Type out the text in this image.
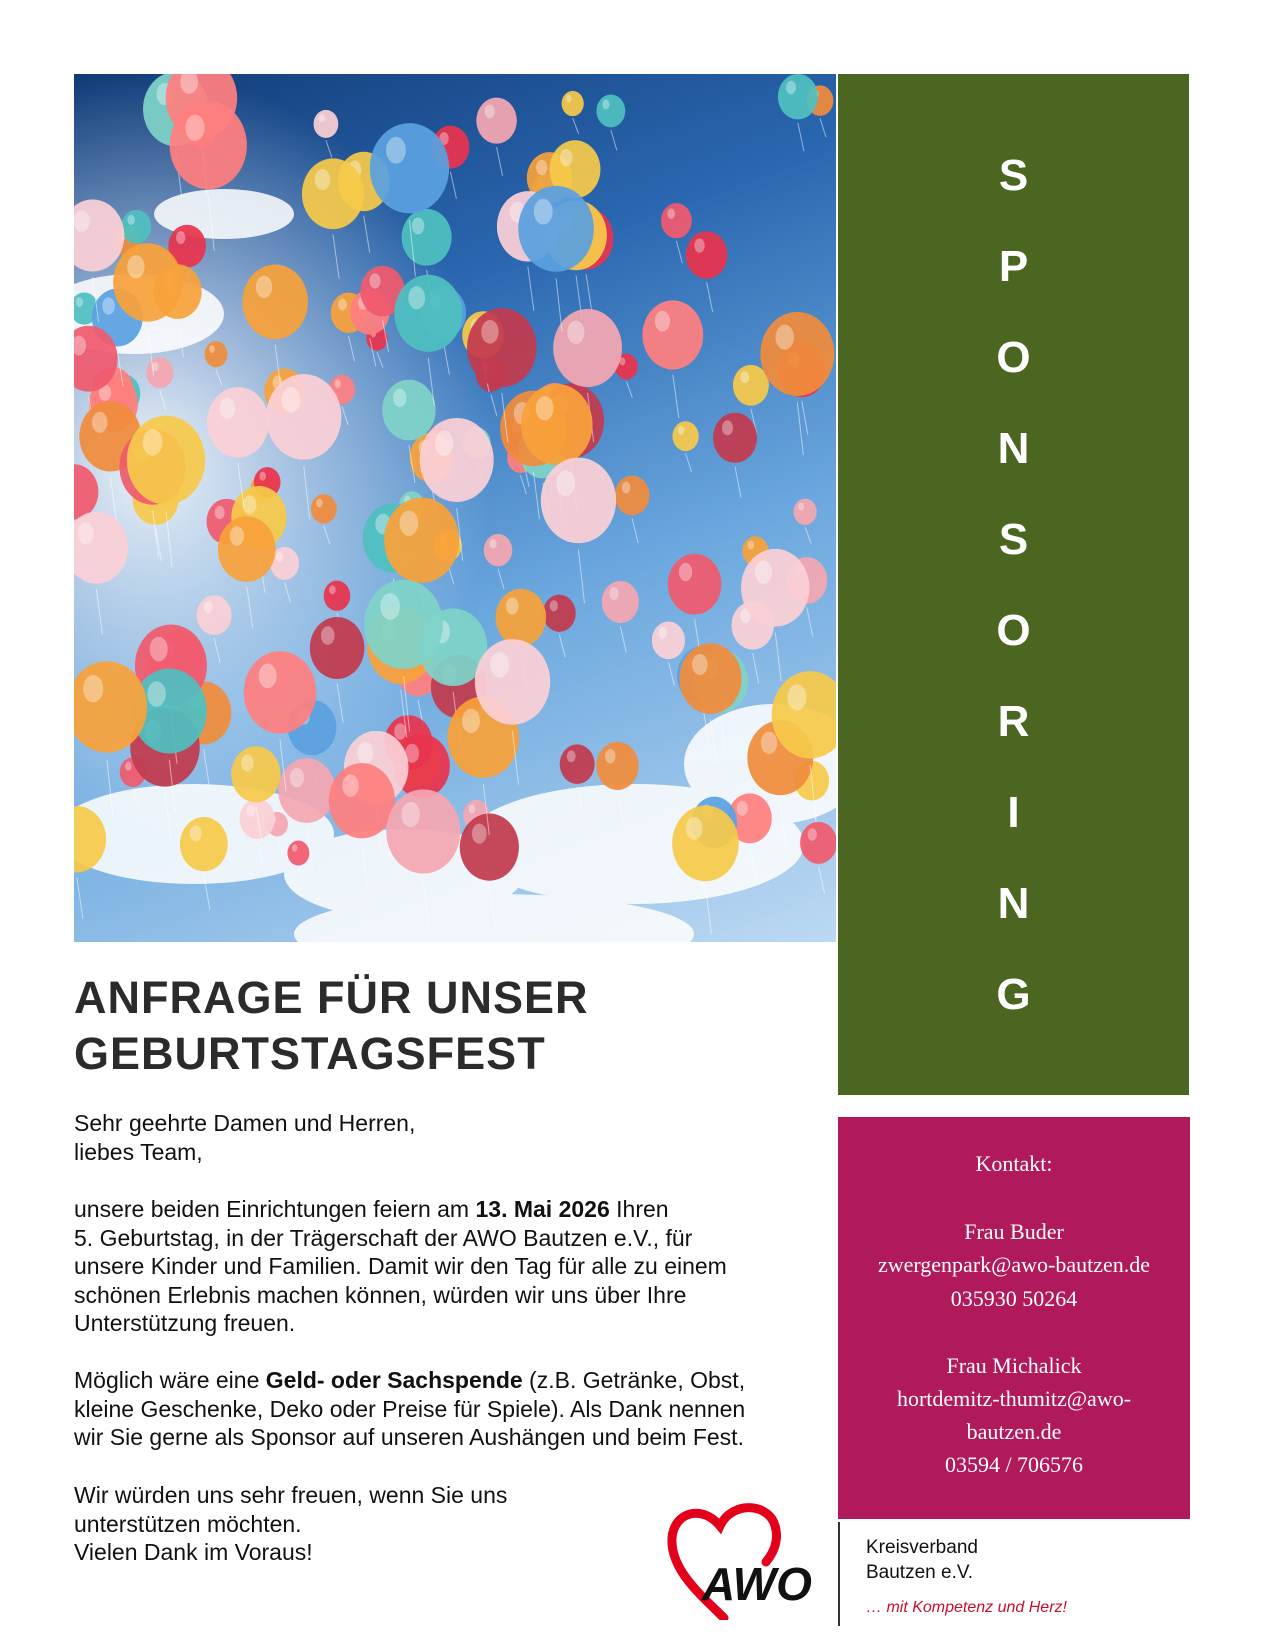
S
P
O
N
S
O
R
I
N
G
ANFRAGE FÜR UNSER
GEBURTSTAGSFEST
Sehr geehrte Damen und Herren,
liebes Team,
unsere beiden Einrichtungen feiern am 13. Mai 2026 Ihren
5. Geburtstag, in der Trägerschaft der AWO Bautzen e.V., für
unsere Kinder und Familien. Damit wir den Tag für alle zu einem
schönen Erlebnis machen können, würden wir uns über Ihre
Unterstützung freuen.
Möglich wäre eine Geld- oder Sachspende (z.B. Getränke, Obst,
kleine Geschenke, Deko oder Preise für Spiele). Als Dank nennen
wir Sie gerne als Sponsor auf unseren Aushängen und beim Fest.
Wir würden uns sehr freuen, wenn Sie uns
unterstützen möchten.
Vielen Dank im Voraus!
Kontakt:
Frau Buder
zwergenpark@awo-bautzen.de
035930 50264
Frau Michalick
hortdemitz-thumitz@awo-
bautzen.de
03594 / 706576
AWO
Kreisverband
Bautzen e.V.
… mit Kompetenz und Herz!
